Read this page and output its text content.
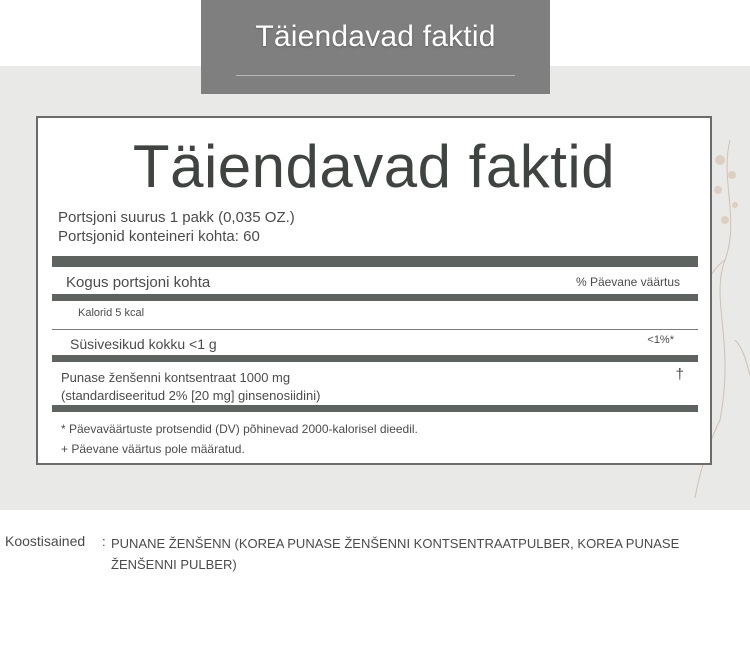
Täiendavad faktid
Täiendavad faktid
Portsjoni suurus 1 pakk (0,035 OZ.)
Portsjonid konteineri kohta: 60
Kogus portsjoni kohta	% Päevane väärtus
Kalorid 5 kcal
Süsivesikud kokku <1 g	<1%*
Punase ženšenni kontsentraat 1000 mg
(standardiseeritud 2% [20 mg] ginsenosiidini)
†
* Päevaväärtuste protsendid (DV) põhinevad 2000-kalorisel dieedil.
+ Päevane väärtus pole määratud.
Koostisained : PUNANE ŽENŠENN (KOREA PUNASE ŽENŠENNI KONTSENTRAATPULBER, KOREA PUNASE ŽENŠENNI PULBER)
